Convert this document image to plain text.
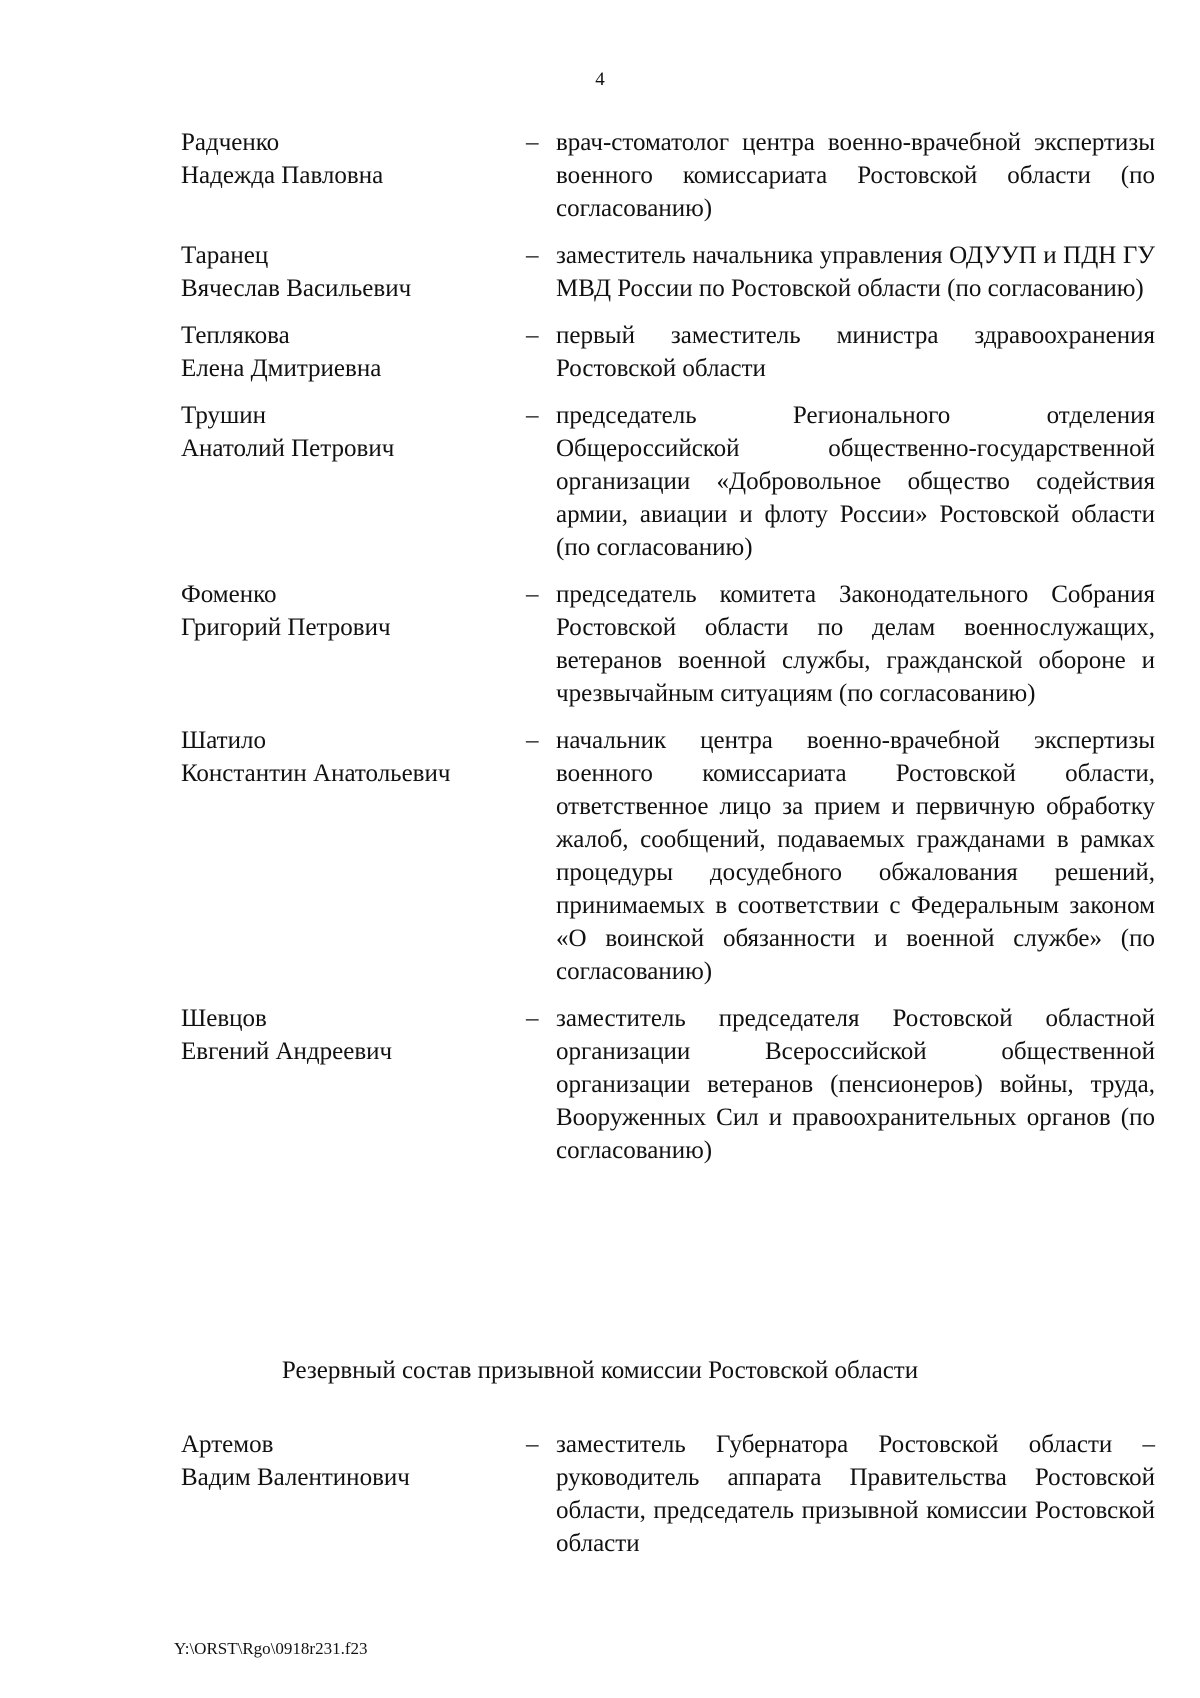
4
Радченко
Надежда Павловна
– врач-стоматолог центра военно-врачебной экспертизы военного комиссариата Ростовской области (по согласованию)
Таранец
Вячеслав Васильевич
– заместитель начальника управления ОДУУП и ПДН ГУ МВД России по Ростовской области (по согласованию)
Теплякова
Елена Дмитриевна
– первый заместитель министра здравоохранения Ростовской области
Трушин
Анатолий Петрович
– председатель Регионального отделения Общероссийской общественно-государственной организации «Добровольное общество содействия армии, авиации и флоту России» Ростовской области (по согласованию)
Фоменко
Григорий Петрович
– председатель комитета Законодательного Собрания Ростовской области по делам военнослужащих, ветеранов военной службы, гражданской обороне и чрезвычайным ситуациям (по согласованию)
Шатило
Константин Анатольевич
– начальник центра военно-врачебной экспертизы военного комиссариата Ростовской области, ответственное лицо за прием и первичную обработку жалоб, сообщений, подаваемых гражданами в рамках процедуры досудебного обжалования решений, принимаемых в соответствии с Федеральным законом «О воинской обязанности и военной службе» (по согласованию)
Шевцов
Евгений Андреевич
– заместитель председателя Ростовской областной организации Всероссийской общественной организации ветеранов (пенсионеров) войны, труда, Вооруженных Сил и правоохранительных органов (по согласованию)
Резервный состав призывной комиссии Ростовской области
Артемов
Вадим Валентинович
– заместитель Губернатора Ростовской области – руководитель аппарата Правительства Ростовской области, председатель призывной комиссии Ростовской области
Y:\ORST\Rgo\0918r231.f23
